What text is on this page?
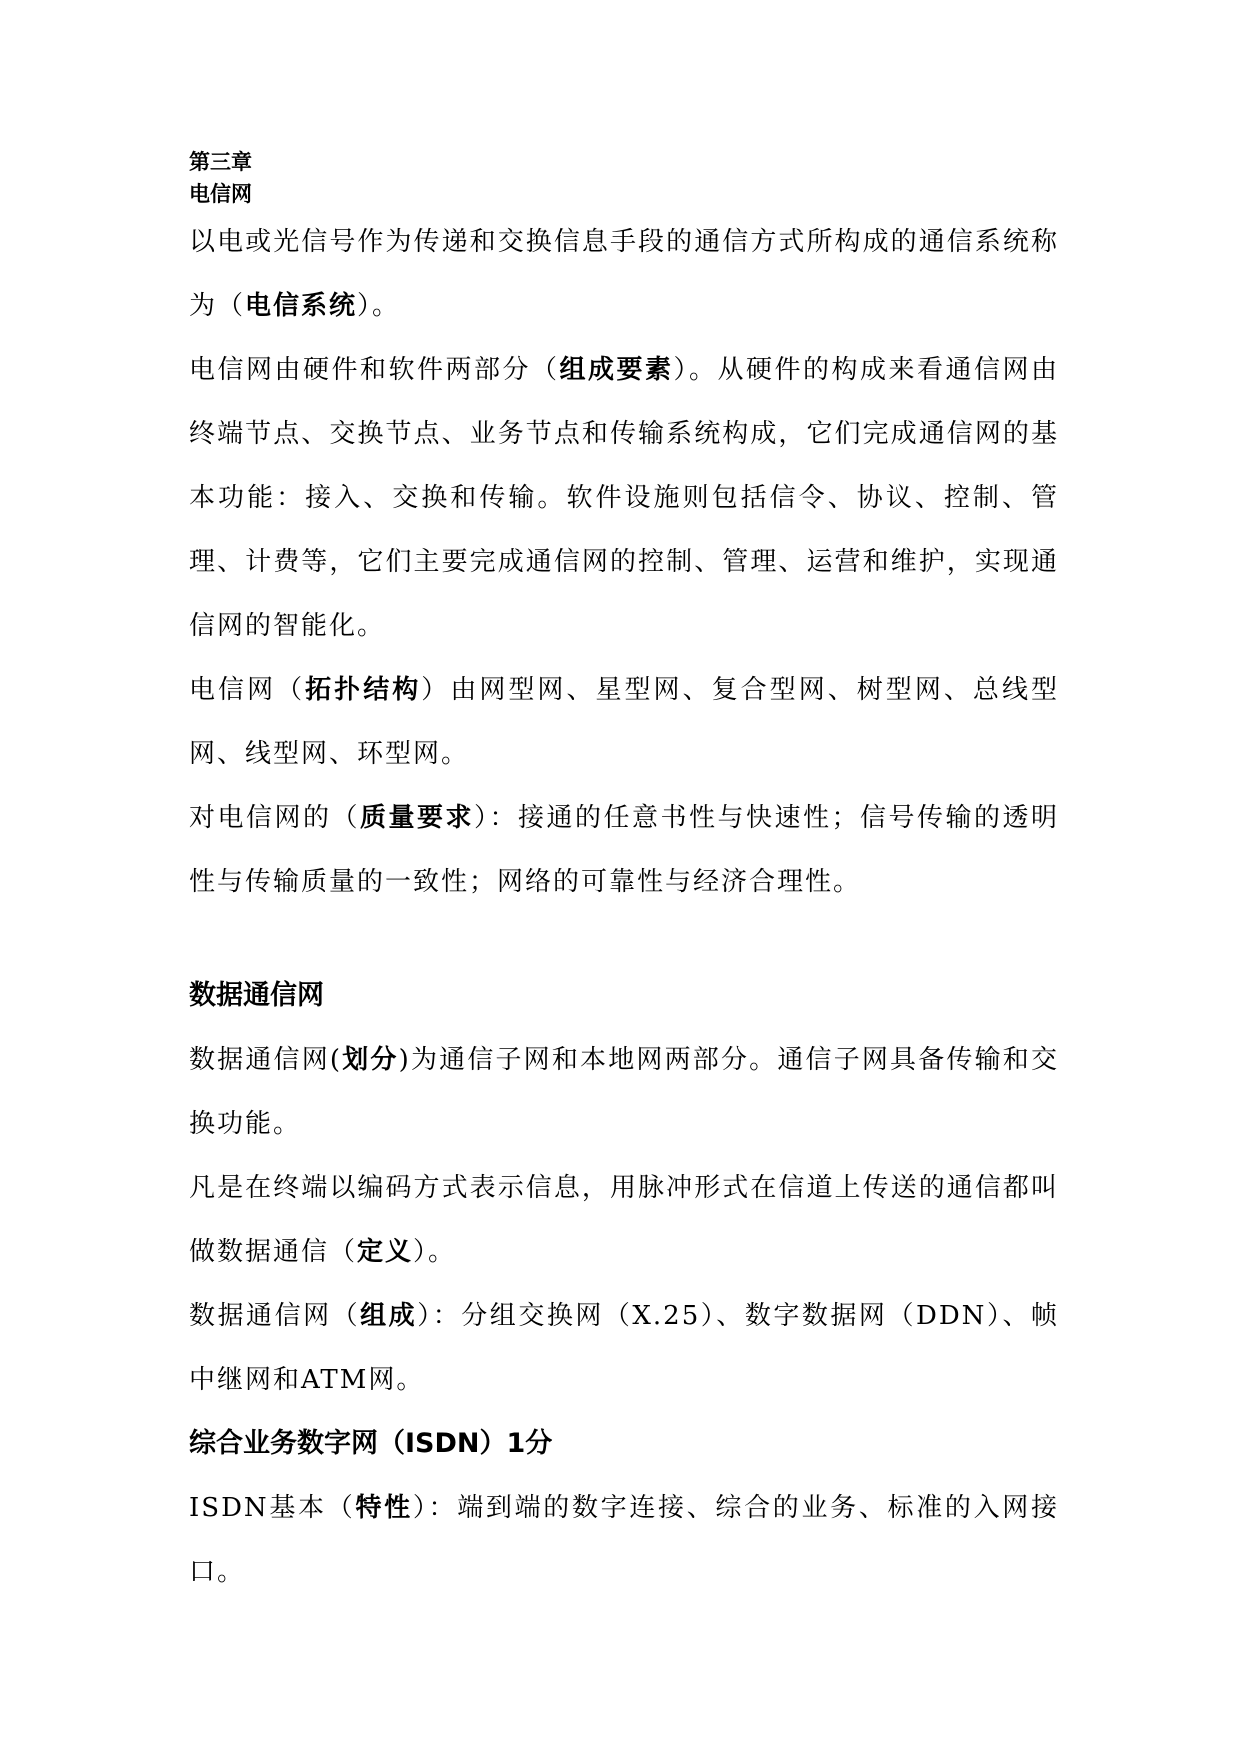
第三章

电信网

以电或光信号作为传递和交换信息手段的通信方式所构成的通信系统称为（电信系统）。

电信网由硬件和软件两部分（组成要素）。从硬件的构成来看通信网由终端节点、交换节点、业务节点和传输系统构成，它们完成通信网的基本功能：接入、交换和传输。软件设施则包括信令、协议、控制、管理、计费等，它们主要完成通信网的控制、管理、运营和维护，实现通信网的智能化。

电信网（拓扑结构）由网型网、星型网、复合型网、树型网、总线型网、线型网、环型网。

对电信网的（质量要求）：接通的任意书性与快速性；信号传输的透明性与传输质量的一致性；网络的可靠性与经济合理性。

数据通信网

数据通信网(划分)为通信子网和本地网两部分。通信子网具备传输和交换功能。

凡是在终端以编码方式表示信息，用脉冲形式在信道上传送的通信都叫做数据通信（定义）。

数据通信网（组成）：分组交换网（X.25）、数字数据网（DDN）、帧中继网和ATM网。

综合业务数字网（ISDN）1分

ISDN基本（特性）：端到端的数字连接、综合的业务、标准的入网接口。
